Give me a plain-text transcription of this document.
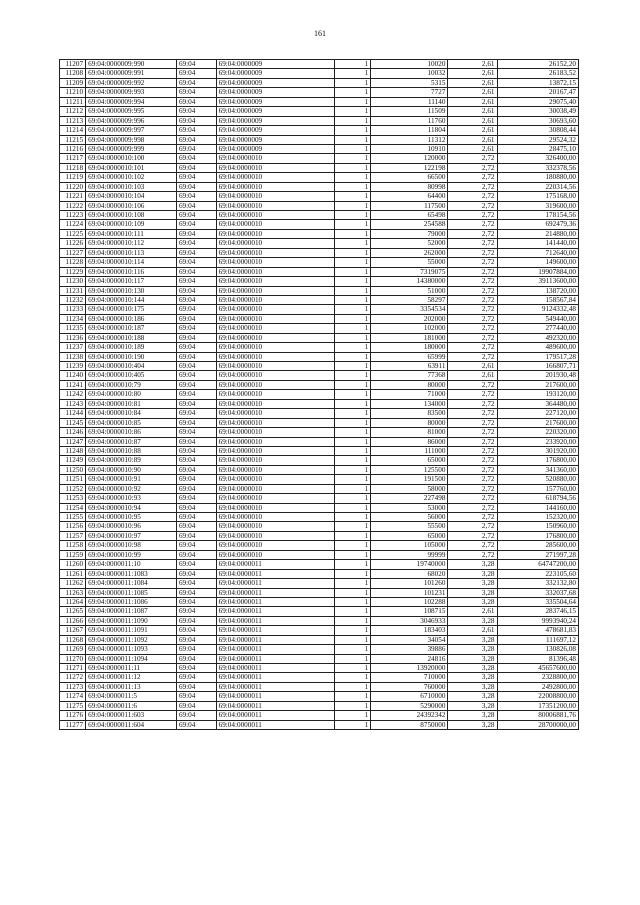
161
11207	69:04:0000009:990	69:04	69:04:0000009	1	10020	2,61	26152,20
11208	69:04:0000009:991	69:04	69:04:0000009	1	10032	2,61	26183,52
11209	69:04:0000009:992	69:04	69:04:0000009	1	5315	2,61	13872,15
11210	69:04:0000009:993	69:04	69:04:0000009	1	7727	2,61	20167,47
11211	69:04:0000009:994	69:04	69:04:0000009	1	11140	2,61	29075,40
11212	69:04:0000009:995	69:04	69:04:0000009	1	11509	2,61	30038,49
11213	69:04:0000009:996	69:04	69:04:0000009	1	11760	2,61	30693,60
11214	69:04:0000009:997	69:04	69:04:0000009	1	11804	2,61	30808,44
11215	69:04:0000009:998	69:04	69:04:0000009	1	11312	2,61	29524,32
11216	69:04:0000009:999	69:04	69:04:0000009	1	10910	2,61	28475,10
11217	69:04:0000010:100	69:04	69:04:0000010	1	120000	2,72	326400,00
11218	69:04:0000010:101	69:04	69:04:0000010	1	122198	2,72	332378,56
11219	69:04:0000010:102	69:04	69:04:0000010	1	66500	2,72	180880,00
11220	69:04:0000010:103	69:04	69:04:0000010	1	80998	2,72	220314,56
11221	69:04:0000010:104	69:04	69:04:0000010	1	64400	2,72	175168,00
11222	69:04:0000010:106	69:04	69:04:0000010	1	117500	2,72	319600,00
11223	69:04:0000010:108	69:04	69:04:0000010	1	65498	2,72	178154,56
11224	69:04:0000010:109	69:04	69:04:0000010	1	254588	2,72	692479,36
11225	69:04:0000010:111	69:04	69:04:0000010	1	79000	2,72	214880,00
11226	69:04:0000010:112	69:04	69:04:0000010	1	52000	2,72	141440,00
11227	69:04:0000010:113	69:04	69:04:0000010	1	262000	2,72	712640,00
11228	69:04:0000010:114	69:04	69:04:0000010	1	55000	2,72	149600,00
11229	69:04:0000010:116	69:04	69:04:0000010	1	7319075	2,72	19907884,00
11230	69:04:0000010:117	69:04	69:04:0000010	1	14380000	2,72	39113600,00
11231	69:04:0000010:130	69:04	69:04:0000010	1	51000	2,72	138720,00
11232	69:04:0000010:144	69:04	69:04:0000010	1	58297	2,72	158567,84
11233	69:04:0000010:175	69:04	69:04:0000010	1	3354534	2,72	9124332,48
11234	69:04:0000010:186	69:04	69:04:0000010	1	202000	2,72	549440,00
11235	69:04:0000010:187	69:04	69:04:0000010	1	102000	2,72	277440,00
11236	69:04:0000010:188	69:04	69:04:0000010	1	181000	2,72	492320,00
11237	69:04:0000010:189	69:04	69:04:0000010	1	180000	2,72	489600,00
11238	69:04:0000010:190	69:04	69:04:0000010	1	65999	2,72	179517,28
11239	69:04:0000010:404	69:04	69:04:0000010	1	63911	2,61	166807,71
11240	69:04:0000010:405	69:04	69:04:0000010	1	77368	2,61	201930,48
11241	69:04:0000010:79	69:04	69:04:0000010	1	80000	2,72	217600,00
11242	69:04:0000010:80	69:04	69:04:0000010	1	71000	2,72	193120,00
11243	69:04:0000010:81	69:04	69:04:0000010	1	134000	2,72	364480,00
11244	69:04:0000010:84	69:04	69:04:0000010	1	83500	2,72	227120,00
11245	69:04:0000010:85	69:04	69:04:0000010	1	80000	2,72	217600,00
11246	69:04:0000010:86	69:04	69:04:0000010	1	81000	2,72	220320,00
11247	69:04:0000010:87	69:04	69:04:0000010	1	86000	2,72	233920,00
11248	69:04:0000010:88	69:04	69:04:0000010	1	111000	2,72	301920,00
11249	69:04:0000010:89	69:04	69:04:0000010	1	65000	2,72	176800,00
11250	69:04:0000010:90	69:04	69:04:0000010	1	125500	2,72	341360,00
11251	69:04:0000010:91	69:04	69:04:0000010	1	191500	2,72	520880,00
11252	69:04:0000010:92	69:04	69:04:0000010	1	58000	2,72	157760,00
11253	69:04:0000010:93	69:04	69:04:0000010	1	227498	2,72	618794,56
11254	69:04:0000010:94	69:04	69:04:0000010	1	53000	2,72	144160,00
11255	69:04:0000010:95	69:04	69:04:0000010	1	56000	2,72	152320,00
11256	69:04:0000010:96	69:04	69:04:0000010	1	55500	2,72	150960,00
11257	69:04:0000010:97	69:04	69:04:0000010	1	65000	2,72	176800,00
11258	69:04:0000010:98	69:04	69:04:0000010	1	105000	2,72	285600,00
11259	69:04:0000010:99	69:04	69:04:0000010	1	99999	2,72	271997,28
11260	69:04:0000011:10	69:04	69:04:0000011	1	19740000	3,28	64747200,00
11261	69:04:0000011:1083	69:04	69:04:0000011	1	68020	3,28	223105,60
11262	69:04:0000011:1084	69:04	69:04:0000011	1	101260	3,28	332132,80
11263	69:04:0000011:1085	69:04	69:04:0000011	1	101231	3,28	332037,68
11264	69:04:0000011:1086	69:04	69:04:0000011	1	102288	3,28	335504,64
11265	69:04:0000011:1087	69:04	69:04:0000011	1	108715	2,61	283746,15
11266	69:04:0000011:1090	69:04	69:04:0000011	1	3046933	3,28	9993940,24
11267	69:04:0000011:1091	69:04	69:04:0000011	1	183403	2,61	478681,83
11268	69:04:0000011:1092	69:04	69:04:0000011	1	34054	3,28	111697,12
11269	69:04:0000011:1093	69:04	69:04:0000011	1	39886	3,28	130826,08
11270	69:04:0000011:1094	69:04	69:04:0000011	1	24816	3,28	81396,48
11271	69:04:0000011:11	69:04	69:04:0000011	1	13920000	3,28	45657600,00
11272	69:04:0000011:12	69:04	69:04:0000011	1	710000	3,28	2328800,00
11273	69:04:0000011:13	69:04	69:04:0000011	1	760000	3,28	2492800,00
11274	69:04:0000011:5	69:04	69:04:0000011	1	6710000	3,28	22008800,00
11275	69:04:0000011:6	69:04	69:04:0000011	1	5290000	3,28	17351200,00
11276	69:04:0000011:603	69:04	69:04:0000011	1	24392342	3,28	80006881,76
11277	69:04:0000011:604	69:04	69:04:0000011	1	8750000	3,28	28700000,00
